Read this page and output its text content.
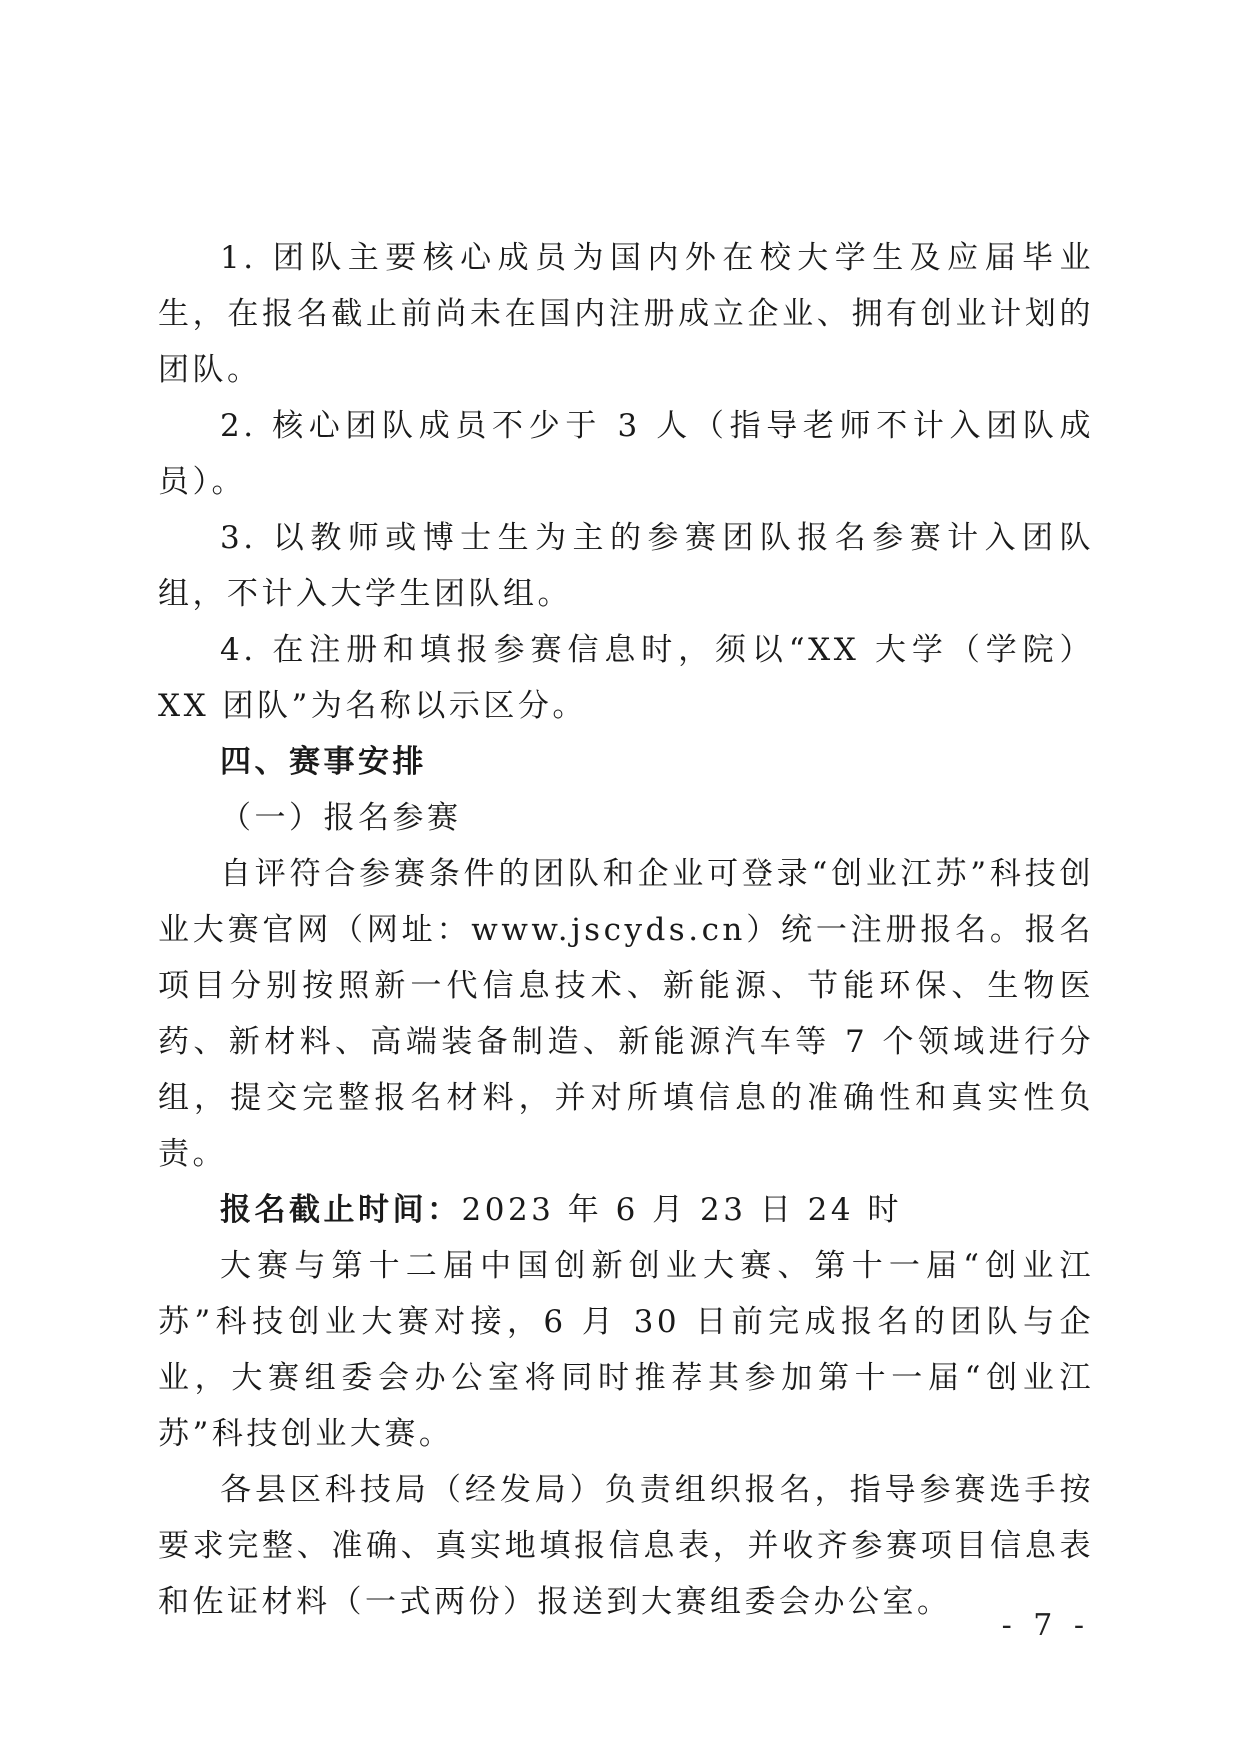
1. 团队主要核心成员为国内外在校大学生及应届毕业生，在报名截止前尚未在国内注册成立企业、拥有创业计划的团队。

2. 核心团队成员不少于 3 人（指导老师不计入团队成员）。

3. 以教师或博士生为主的参赛团队报名参赛计入团队组，不计入大学生团队组。

4. 在注册和填报参赛信息时，须以“XX 大学（学院）XX 团队”为名称以示区分。

四、赛事安排

（一）报名参赛

自评符合参赛条件的团队和企业可登录“创业江苏”科技创业大赛官网（网址：www.jscyds.cn）统一注册报名。报名项目分别按照新一代信息技术、新能源、节能环保、生物医药、新材料、高端装备制造、新能源汽车等 7 个领域进行分组，提交完整报名材料，并对所填信息的准确性和真实性负责。

报名截止时间：2023 年 6 月 23 日 24 时

大赛与第十二届中国创新创业大赛、第十一届“创业江苏”科技创业大赛对接，6 月 30 日前完成报名的团队与企业，大赛组委会办公室将同时推荐其参加第十一届“创业江苏”科技创业大赛。

各县区科技局（经发局）负责组织报名，指导参赛选手按要求完整、准确、真实地填报信息表，并收齐参赛项目信息表和佐证材料（一式两份）报送到大赛组委会办公室。

- 7 -
